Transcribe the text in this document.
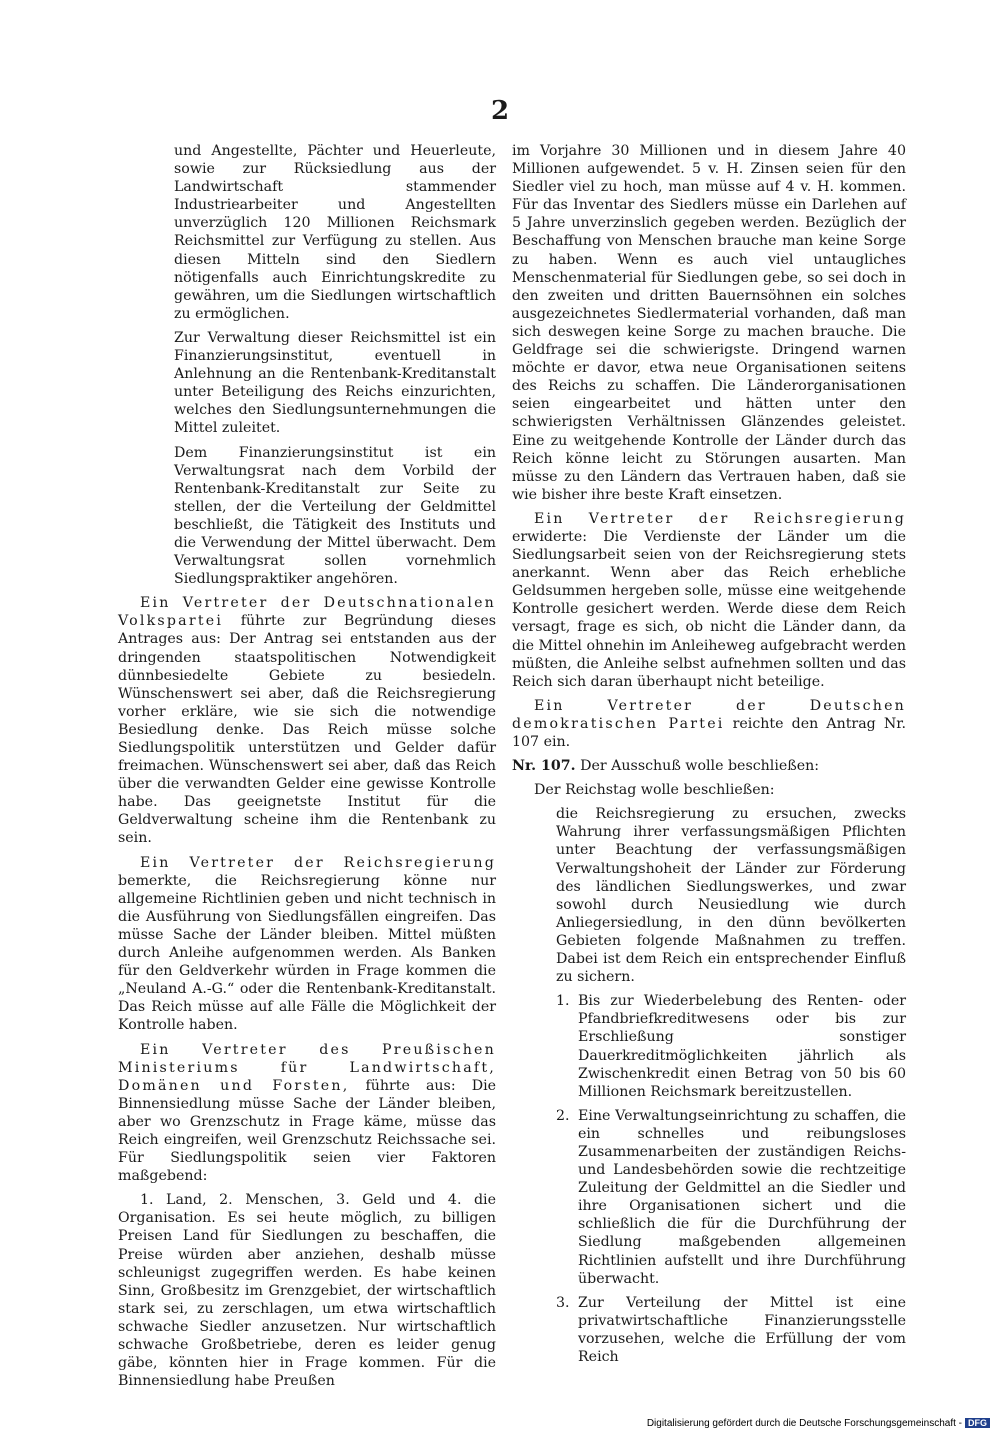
2

und Angestellte, Pächter und Heuerleute, sowie zur Rücksiedlung aus der Landwirtschaft stammender Industriearbeiter und Angestellten unverzüglich 120 Millionen Reichsmark Reichsmittel zur Verfügung zu stellen. Aus diesen Mitteln sind den Siedlern nötigenfalls auch Einrichtungskredite zu gewähren, um die Siedlungen wirtschaftlich zu ermöglichen.

Zur Verwaltung dieser Reichsmittel ist ein Finanzierungsinstitut, eventuell in Anlehnung an die Rentenbank-Kreditanstalt unter Beteiligung des Reichs einzurichten, welches den Siedlungsunternehmungen die Mittel zuleitet.

Dem Finanzierungsinstitut ist ein Verwaltungsrat nach dem Vorbild der Rentenbank-Kreditanstalt zur Seite zu stellen, der die Verteilung der Geldmittel beschließt, die Tätigkeit des Instituts und die Verwendung der Mittel überwacht. Dem Verwaltungsrat sollen vornehmlich Siedlungspraktiker angehören.

Ein Vertreter der Deutschnationalen Volkspartei führte zur Begründung dieses Antrages aus: Der Antrag sei entstanden aus der dringenden staatspolitischen Notwendigkeit dünnbesiedelte Gebiete zu besiedeln. Wünschenswert sei aber, daß die Reichsregierung vorher erkläre, wie sie sich die notwendige Besiedlung denke. Das Reich müsse solche Siedlungspolitik unterstützen und Gelder dafür freimachen. Wünschenswert sei aber, daß das Reich über die verwandten Gelder eine gewisse Kontrolle habe. Das geeignetste Institut für die Geldverwaltung scheine ihm die Rentenbank zu sein.

Ein Vertreter der Reichsregierung bemerkte, die Reichsregierung könne nur allgemeine Richtlinien geben und nicht technisch in die Ausführung von Siedlungsfällen eingreifen. Das müsse Sache der Länder bleiben. Mittel müßten durch Anleihe aufgenommen werden. Als Banken für den Geldverkehr würden in Frage kommen die „Neuland A.-G.“ oder die Rentenbank-Kreditanstalt. Das Reich müsse auf alle Fälle die Möglichkeit der Kontrolle haben.

Ein Vertreter des Preußischen Ministeriums für Landwirtschaft, Domänen und Forsten, führte aus: Die Binnensiedlung müsse Sache der Länder bleiben, aber wo Grenzschutz in Frage käme, müsse das Reich eingreifen, weil Grenzschutz Reichssache sei. Für Siedlungspolitik seien vier Faktoren maßgebend:

1. Land, 2. Menschen, 3. Geld und 4. die Organisation. Es sei heute möglich, zu billigen Preisen Land für Siedlungen zu beschaffen, die Preise würden aber anziehen, deshalb müsse schleunigst zugegriffen werden. Es habe keinen Sinn, Großbesitz im Grenzgebiet, der wirtschaftlich stark sei, zu zerschlagen, um etwa wirtschaftlich schwache Siedler anzusetzen. Nur wirtschaftlich schwache Großbetriebe, deren es leider genug gäbe, könnten hier in Frage kommen. Für die Binnensiedlung habe Preußen

im Vorjahre 30 Millionen und in diesem Jahre 40 Millionen aufgewendet. 5 v. H. Zinsen seien für den Siedler viel zu hoch, man müsse auf 4 v. H. kommen. Für das Inventar des Siedlers müsse ein Darlehen auf 5 Jahre unverzinslich gegeben werden. Bezüglich der Beschaffung von Menschen brauche man keine Sorge zu haben. Wenn es auch viel untaugliches Menschenmaterial für Siedlungen gebe, so sei doch in den zweiten und dritten Bauernsöhnen ein solches ausgezeichnetes Siedlermaterial vorhanden, daß man sich deswegen keine Sorge zu machen brauche. Die Geldfrage sei die schwierigste. Dringend warnen möchte er davor, etwa neue Organisationen seitens des Reichs zu schaffen. Die Länderorganisationen seien eingearbeitet und hätten unter den schwierigsten Verhältnissen Glänzendes geleistet. Eine zu weitgehende Kontrolle der Länder durch das Reich könne leicht zu Störungen ausarten. Man müsse zu den Ländern das Vertrauen haben, daß sie wie bisher ihre beste Kraft einsetzen.

Ein Vertreter der Reichsregierung erwiderte: Die Verdienste der Länder um die Siedlungsarbeit seien von der Reichsregierung stets anerkannt. Wenn aber das Reich erhebliche Geldsummen hergeben solle, müsse eine weitgehende Kontrolle gesichert werden. Werde diese dem Reich versagt, frage es sich, ob nicht die Länder dann, da die Mittel ohnehin im Anleiheweg aufgebracht werden müßten, die Anleihe selbst aufnehmen sollten und das Reich sich daran überhaupt nicht beteilige.

Ein Vertreter der Deutschen demokratischen Partei reichte den Antrag Nr. 107 ein.

Nr. 107. Der Ausschuß wolle beschließen:

Der Reichstag wolle beschließen:

die Reichsregierung zu ersuchen, zwecks Wahrung ihrer verfassungsmäßigen Pflichten unter Beachtung der verfassungsmäßigen Verwaltungshoheit der Länder zur Förderung des ländlichen Siedlungswerkes, und zwar sowohl durch Neusiedlung wie durch Anliegersiedlung, in den dünn bevölkerten Gebieten folgende Maßnahmen zu treffen. Dabei ist dem Reich ein entsprechender Einfluß zu sichern.

1. Bis zur Wiederbelebung des Renten- oder Pfandbriefkreditwesens oder bis zur Erschließung sonstiger Dauerkreditmöglichkeiten jährlich als Zwischenkredit einen Betrag von 50 bis 60 Millionen Reichsmark bereitzustellen.
2. Eine Verwaltungseinrichtung zu schaffen, die ein schnelles und reibungsloses Zusammenarbeiten der zuständigen Reichs- und Landesbehörden sowie die rechtzeitige Zuleitung der Geldmittel an die Siedler und ihre Organisationen sichert und die schließlich die für die Durchführung der Siedlung maßgebenden allgemeinen Richtlinien aufstellt und ihre Durchführung überwacht.
3. Zur Verteilung der Mittel ist eine privatwirtschaftliche Finanzierungsstelle vorzusehen, welche die Erfüllung der vom Reich
Digitalisierung gefördert durch die Deutsche Forschungsgemeinschaft - DFG
